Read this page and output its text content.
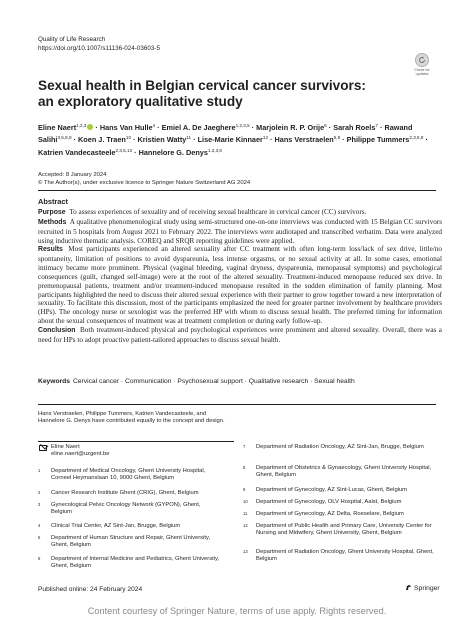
Quality of Life Research
https://doi.org/10.1007/s11136-024-03603-5
Check for updates
Sexual health in Belgian cervical cancer survivors: an exploratory qualitative study
Eline Naert$^{1,2,3}$ · Hans Van Hulle$^4$ · Emiel A. De Jaeghere$^{1,2,3,5}$ · Marjolein R. P. Orije$^6$ · Sarah Roels$^7$ · Rawand Salihi$^{3,5,8,9}$ · Koen J. Traen$^{10}$ · Kristien Watty$^{11}$ · Lise-Marie Kinnaer$^{12}$ · Hans Verstraelen$^{5,8}$ · Philippe Tummers$^{2,3,5,8}$ · Katrien Vandecasteele$^{2,3,5,13}$ · Hannelore G. Denys$^{1,2,3,6}$
Accepted: 8 January 2024
© The Author(s), under exclusive licence to Springer Nature Switzerland AG 2024
Abstract

Purpose To assess experiences of sexuality and of receiving sexual healthcare in cervical cancer (CC) survivors.

Methods A qualitative phenomenological study using semi-structured one-on-one interviews was conducted with 15 Belgian CC survivors recruited in 5 hospitals from August 2021 to February 2022. The interviews were audiotaped and transcribed verbatim. Data were analyzed using inductive thematic analysis. COREQ and SRQR reporting guidelines were applied.

Results Most participants experienced an altered sexuality after CC treatment with often long-term loss/lack of sex drive, little/no spontaneity, limitation of positions to avoid dyspareunia, less intense orgasms, or no sexual activity at all. In some cases, emotional intimacy became more prominent. Physical (vaginal bleeding, vaginal dryness, dyspareunia, menopausal symptoms) and psychological consequences (guilt, changed self-image) were at the root of the altered sexuality. Treatment-induced menopause reduced sex drive. In premenopausal patients, treatment and/or treatment-induced menopause resulted in the sudden elimination of family planning. Most participants highlighted the need to discuss their altered sexual experience with their partner to grow together toward a new interpretation of sexuality. To facilitate this discussion, most of the participants emphasized the need for greater partner involvement by healthcare providers (HPs). The oncology nurse or sexologist was the preferred HP with whom to discuss sexual health. The preferred timing for information about the sexual consequences of treatment was at treatment completion or during early follow-up.

Conclusion Both treatment-induced physical and psychological experiences were prominent and altered sexuality. Overall, there was a need for HPs to adopt proactive patient-tailored approaches to discuss sexual health.

Keywords Cervical cancer · Communication · Psychosexual support · Qualitative research · Sexual health
Hans Verstraelen, Philippe Tummers, Katrien Vandecasteele, and Hannelore G. Denys have contributed equally to the concept and design.
Eline Naert
eline.naert@uzgent.be
1	Department of Medical Oncology, Ghent University Hospital, Corneel Heymanslaan 10, 9000 Ghent, Belgium
2	Cancer Research Institute Ghent (CRIG), Ghent, Belgium
3	Gynecological Pelvic Oncology Network (GYPON), Ghent, Belgium
4	Clinical Trial Center, AZ Sint-Jan, Brugge, Belgium
5	Department of Human Structure and Repair, Ghent University, Ghent, Belgium
6	Department of Internal Medicine and Pediatrics, Ghent University, Ghent, Belgium
7	Department of Radiation Oncology, AZ Sint-Jan, Brugge, Belgium
8	Department of Obstetrics & Gynaecology, Ghent University Hospital, Ghent, Belgium
9	Department of Gynecology, AZ Sint-Lucas, Ghent, Belgium
10	Department of Gynecology, OLV Hospital, Aalst, Belgium
11	Department of Gynecology, AZ Delta, Roeselare, Belgium
12	Department of Public Health and Primary Care, University Center for Nursing and Midwifery, Ghent University, Ghent, Belgium
13	Department of Radiation Oncology, Ghent University Hospital, Ghent, Belgium
Published online: 24 February 2024	Springer
Content courtesy of Springer Nature, terms of use apply. Rights reserved.
